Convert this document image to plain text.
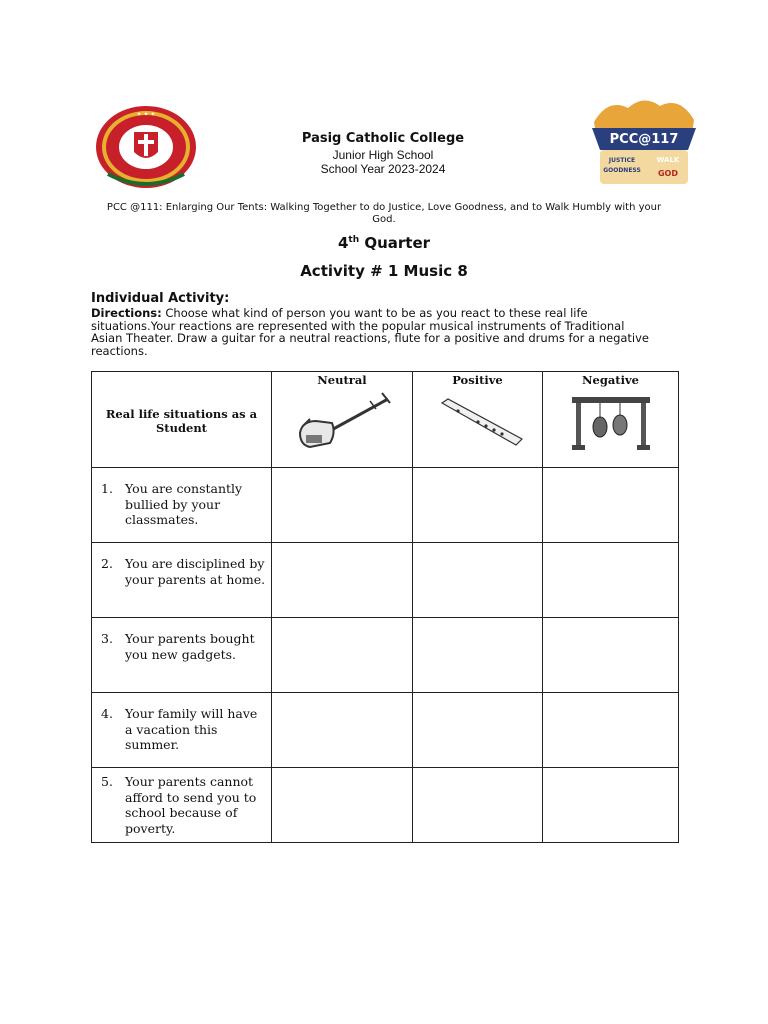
✦ ✦ ✦
PCC@117
JUSTICE
GOODNESS
WALK
GOD
Pasig Catholic College
Junior High School
School Year 2023-2024
PCC @111: Enlarging Our Tents: Walking Together to do Justice, Love Goodness, and to Walk Humbly with your God.
4th Quarter
Activity # 1 Music 8
Individual Activity:
Directions: Choose what kind of person you want to be as you react to these real life situations.Your reactions are represented with the popular musical instruments of Traditional Asian Theater. Draw a guitar for a neutral reactions, flute for a positive and drums for a negative reactions.
Real life situations as a Student	Neutral	Positive	Negative

1. You are constantly bullied by your classmates.			

2. You are disciplined by your parents at home.			

3. Your parents bought you new gadgets.			

4. Your family will have a vacation this summer.			

5. Your parents cannot afford to send you to school because of poverty.			
